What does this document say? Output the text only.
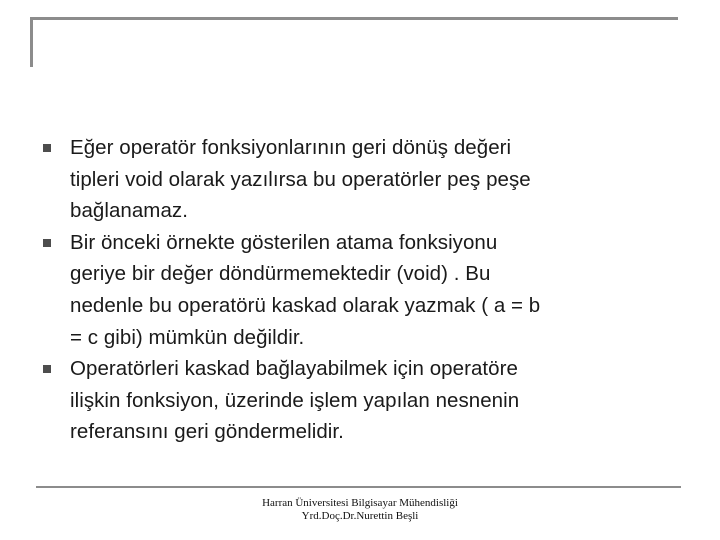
Eğer operatör fonksiyonlarının geri dönüş değeri
tipleri void olarak yazılırsa bu operatörler peş peşe
bağlanamaz.
Bir önceki örnekte gösterilen atama fonksiyonu
geriye bir değer döndürmemektedir (void) . Bu
nedenle bu operatörü kaskad olarak yazmak ( a = b
= c gibi) mümkün değildir.
Operatörleri kaskad bağlayabilmek için operatöre
ilişkin fonksiyon, üzerinde işlem yapılan nesnenin
referansını geri göndermelidir.
Harran Üniversitesi Bilgisayar Mühendisliği
Yrd.Doç.Dr.Nurettin Beşli
